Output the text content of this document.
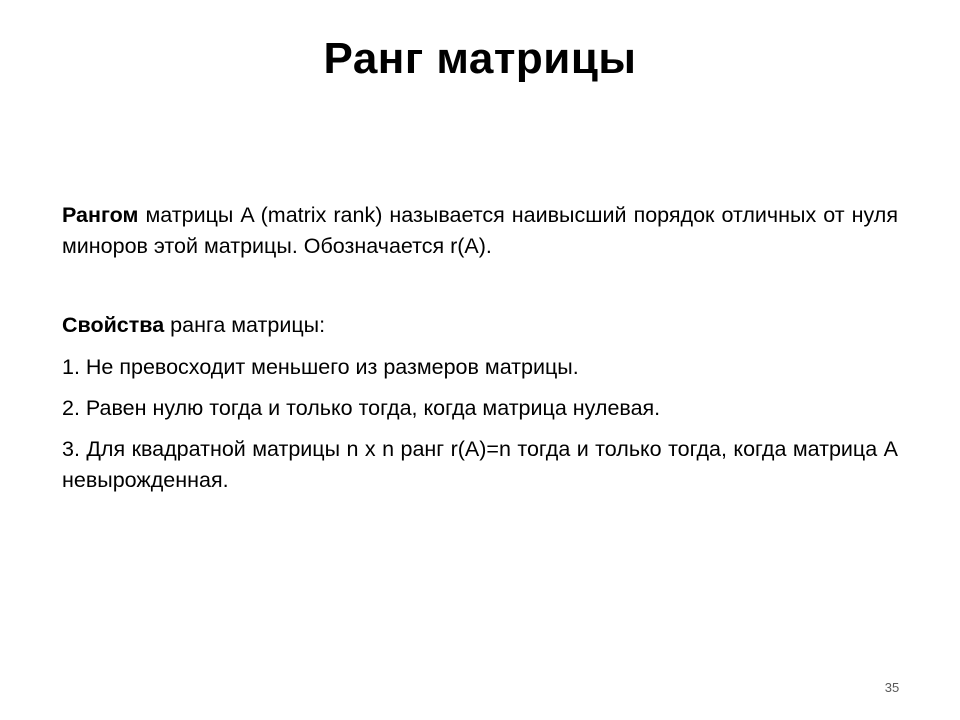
Ранг матрицы

Рангом матрицы A (matrix rank) называется наивысший порядок отличных от нуля миноров этой матрицы. Обозначается r(A).

Свойства ранга матрицы:

1. Не превосходит меньшего из размеров матрицы.

2. Равен нулю тогда и только тогда, когда матрица нулевая.

3. Для квадратной матрицы n x n ранг r(A)=n тогда и только тогда, когда матрица A невырожденная.

35
